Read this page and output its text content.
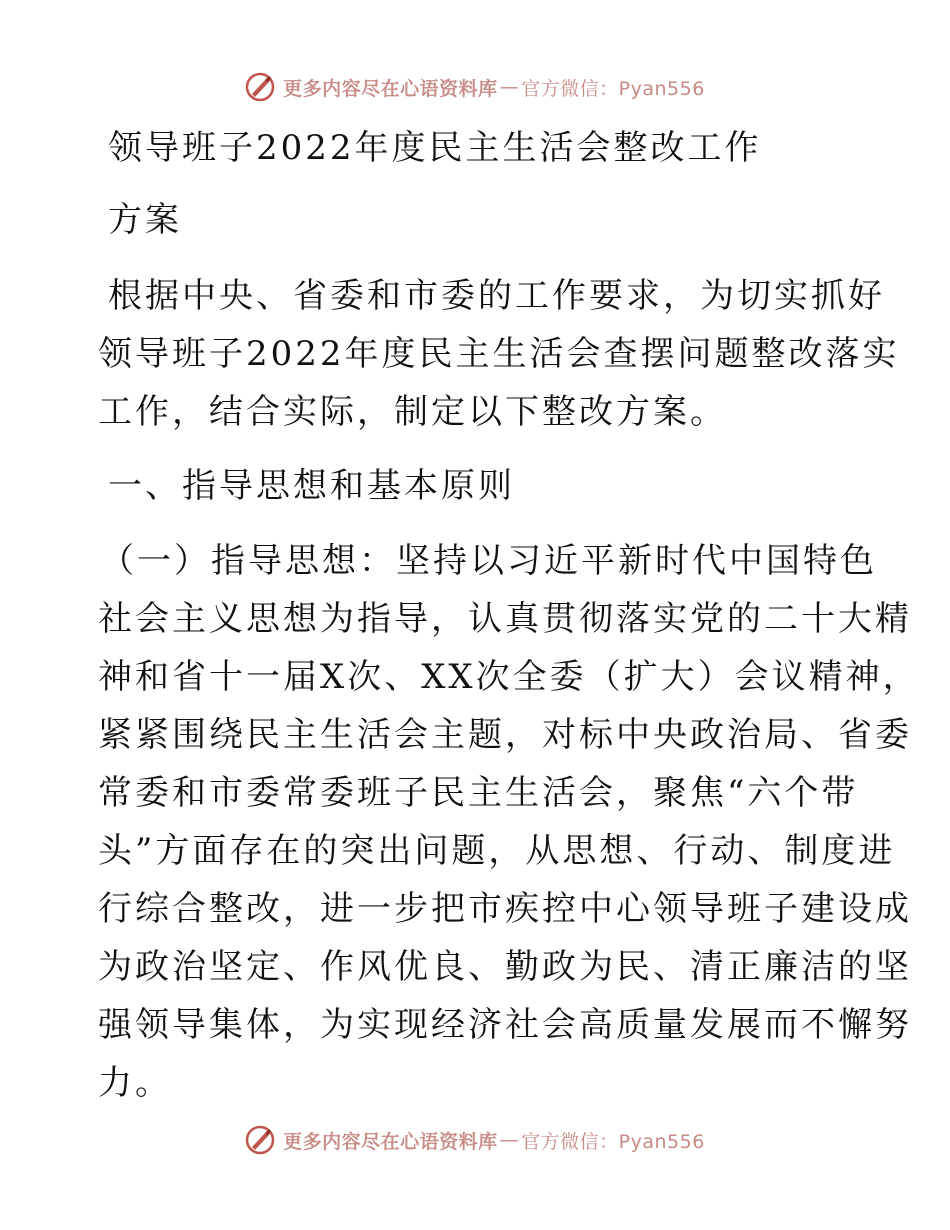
更多内容尽在心语资料库 — 官方微信：Pyan556
领导班子2022年度民主生活会整改工作
方案
根据中央、省委和市委的工作要求，为切实抓好
领导班子2022年度民主生活会查摆问题整改落实
工作，结合实际，制定以下整改方案。
一、指导思想和基本原则
（一）指导思想：坚持以习近平新时代中国特色
社会主义思想为指导，认真贯彻落实党的二十大精
神和省十一届X次、XX次全委（扩大）会议精神，
紧紧围绕民主生活会主题，对标中央政治局、省委
常委和市委常委班子民主生活会，聚焦“六个带
头”方面存在的突出问题，从思想、行动、制度进
行综合整改，进一步把市疾控中心领导班子建设成
为政治坚定、作风优良、勤政为民、清正廉洁的坚
强领导集体，为实现经济社会高质量发展而不懈努
力。
更多内容尽在心语资料库 — 官方微信：Pyan556
